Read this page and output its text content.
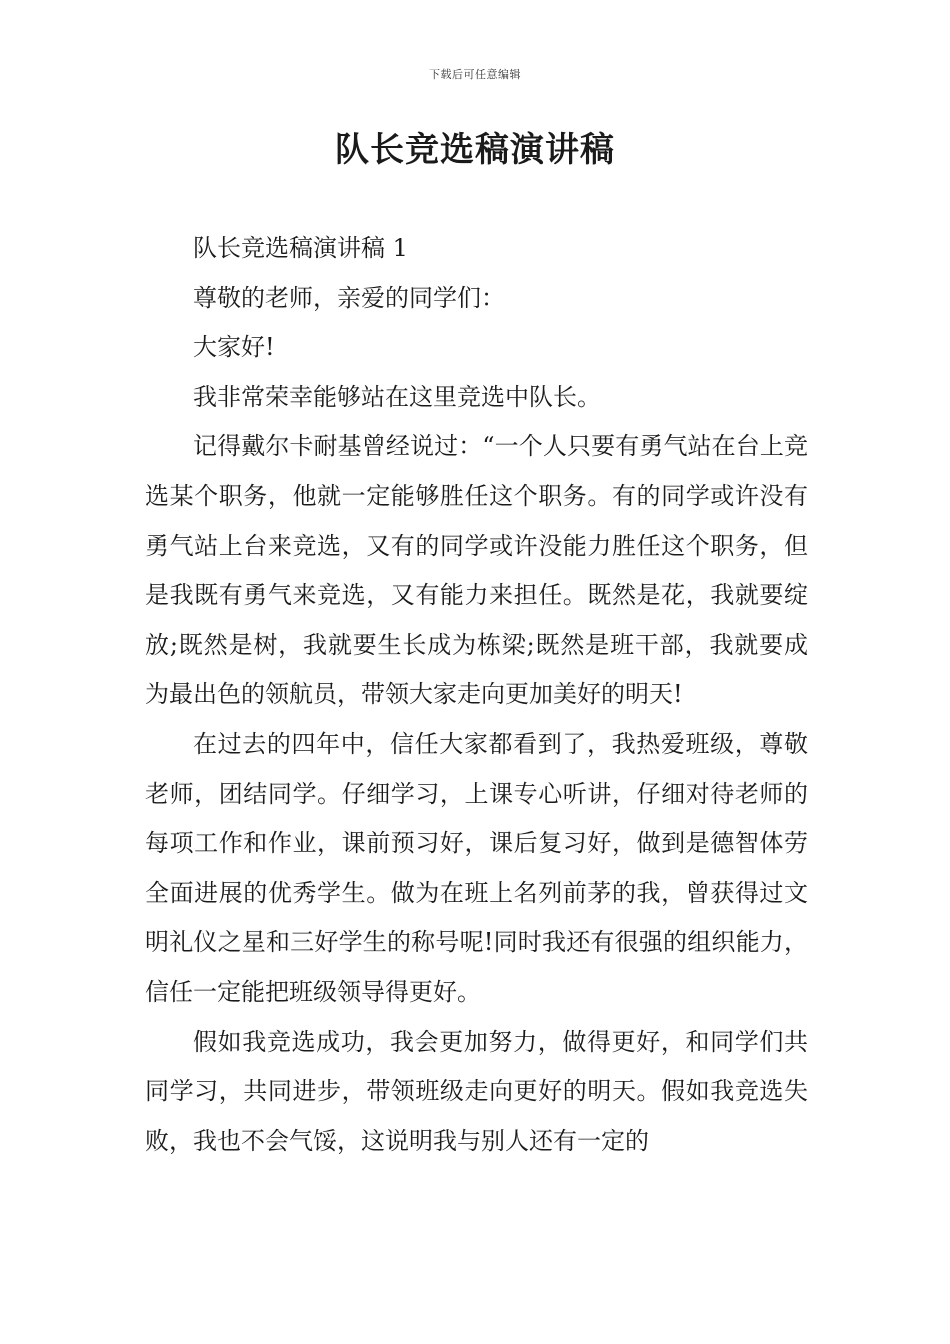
下载后可任意编辑
队长竞选稿演讲稿

队长竞选稿演讲稿 1

尊敬的老师，亲爱的同学们：

大家好!

我非常荣幸能够站在这里竞选中队长。

记得戴尔卡耐基曾经说过：“一个人只要有勇气站在台上竞选某个职务，他就一定能够胜任这个职务。有的同学或许没有勇气站上台来竞选，又有的同学或许没能力胜任这个职务，但是我既有勇气来竞选，又有能力来担任。既然是花，我就要绽放;既然是树，我就要生长成为栋梁;既然是班干部，我就要成为最出色的领航员，带领大家走向更加美好的明天!

在过去的四年中，信任大家都看到了，我热爱班级，尊敬老师，团结同学。仔细学习，上课专心听讲，仔细对待老师的每项工作和作业，课前预习好，课后复习好，做到是德智体劳全面进展的优秀学生。做为在班上名列前茅的我，曾获得过文明礼仪之星和三好学生的称号呢!同时我还有很强的组织能力，信任一定能把班级领导得更好。

假如我竞选成功，我会更加努力，做得更好，和同学们共同学习，共同进步，带领班级走向更好的明天。假如我竞选失败，我也不会气馁，这说明我与别人还有一定的
